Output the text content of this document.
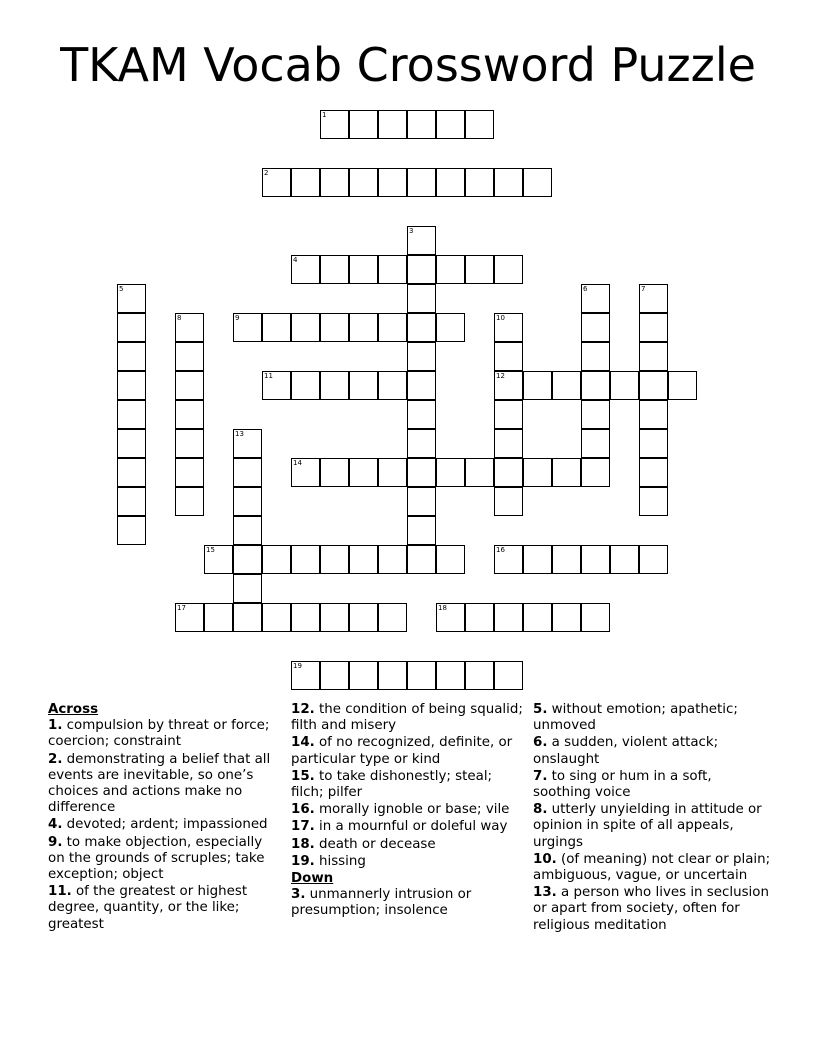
TKAM Vocab Crossword Puzzle
1
2
3
4
5	6	7
8	9	10
11	12
13
14
15	16
17	18
19
Across
1. compulsion by threat or force; coercion; constraint
2. demonstrating a belief that all events are inevitable, so one’s choices and actions make no difference
4. devoted; ardent; impassioned
9. to make objection, especially on the grounds of scruples; take exception; object
11. of the greatest or highest degree, quantity, or the like; greatest
12. the condition of being squalid; filth and misery
14. of no recognized, definite, or particular type or kind
15. to take dishonestly; steal; filch; pilfer
16. morally ignoble or base; vile
17. in a mournful or doleful way
18. death or decease
19. hissing
Down
3. unmannerly intrusion or presumption; insolence
5. without emotion; apathetic; unmoved
6. a sudden, violent attack; onslaught
7. to sing or hum in a soft, soothing voice
8. utterly unyielding in attitude or opinion in spite of all appeals, urgings
10. (of meaning) not clear or plain; ambiguous, vague, or uncertain
13. a person who lives in seclusion or apart from society, often for religious meditation
